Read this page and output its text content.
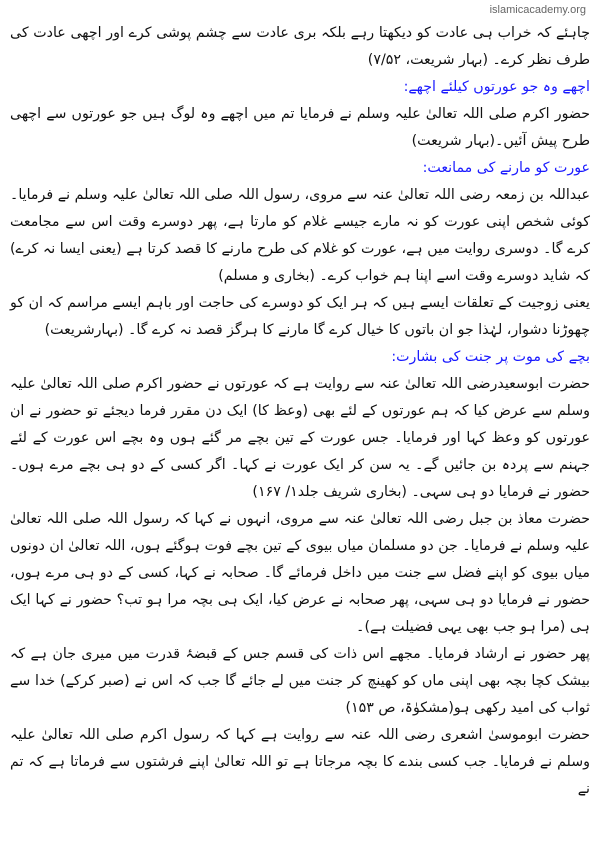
islamicacademy.org

چاہئے کہ خراب ہی عادت کو دیکھتا رہے بلکہ بری عادت سے چشم پوشی کرے اور اچھی عادت کی طرف نظر کرے۔ (بہار شریعت، ۷/۵۲)

اچھے وہ جو عورتوں کیلئے اچھے:

حضور اکرم صلی اللہ تعالیٰ علیہ وسلم نے فرمایا تم میں اچھے وہ لوگ ہیں جو عورتوں سے اچھی طرح پیش آئیں۔(بہار شریعت)

عورت کو مارنے کی ممانعت:

عبداللہ بن زمعہ رضی اللہ تعالیٰ عنہ سے مروی، رسول اللہ صلی اللہ تعالیٰ علیہ وسلم نے فرمایا۔ کوئی شخص اپنی عورت کو نہ مارے جیسے غلام کو مارتا ہے، پھر دوسرے وقت اس سے مجامعت کرے گا۔ دوسری روایت میں ہے، عورت کو غلام کی طرح مارنے کا قصد کرتا ہے (یعنی ایسا نہ کرے) کہ شاید دوسرے وقت اسے اپنا ہم خواب کرے۔ (بخاری و مسلم)

یعنی زوجیت کے تعلقات ایسے ہیں کہ ہر ایک کو دوسرے کی حاجت اور باہم ایسے مراسم کہ ان کو چھوڑنا دشوار، لہٰذا جو ان باتوں کا خیال کرے گا مارنے کا ہرگز قصد نہ کرے گا۔ (بہارشریعت)

بچے کی موت پر جنت کی بشارت:

حضرت ابوسعیدرضی اللہ تعالیٰ عنہ سے روایت ہے کہ عورتوں نے حضور اکرم صلی اللہ تعالیٰ علیہ وسلم سے عرض کیا کہ ہم عورتوں کے لئے بھی (وعظ کا) ایک دن مقرر فرما دیجئے تو حضور نے ان عورتوں کو وعظ کہا اور فرمایا۔ جس عورت کے تین بچے مر گئے ہوں وہ بچے اس عورت کے لئے جہنم سے پردہ بن جائیں گے۔ یہ سن کر ایک عورت نے کہا۔ اگر کسی کے دو ہی بچے مرے ہوں۔ حضور نے فرمایا دو ہی سہی۔ (بخاری شریف جلد۱/ ۱۶۷)

حضرت معاذ بن جبل رضی اللہ تعالیٰ عنہ سے مروی، انہوں نے کہا کہ رسول اللہ صلی اللہ تعالیٰ علیہ وسلم نے فرمایا۔ جن دو مسلمان میاں بیوی کے تین بچے فوت ہوگئے ہوں، اللہ تعالیٰ ان دونوں میاں بیوی کو اپنے فضل سے جنت میں داخل فرمائے گا۔ صحابہ نے کہا، کسی کے دو ہی مرے ہوں، حضور نے فرمایا دو ہی سہی، پھر صحابہ نے عرض کیا، ایک ہی بچہ مرا ہو تب؟ حضور نے کہا ایک ہی (مرا ہو جب بھی یہی فضیلت ہے)۔

پھر حضور نے ارشاد فرمایا۔ مجھے اس ذات کی قسم جس کے قبضۂ قدرت میں میری جان ہے کہ بیشک کچا بچہ بھی اپنی ماں کو کھینچ کر جنت میں لے جائے گا جب کہ اس نے (صبر کرکے) خدا سے ثواب کی امید رکھی ہو(مشکوٰۃ، ص ۱۵۳)

حضرت ابوموسیٰ اشعری رضی اللہ عنہ سے روایت ہے کہا کہ رسول اکرم صلی اللہ تعالیٰ علیہ وسلم نے فرمایا۔ جب کسی بندے کا بچہ مرجاتا ہے تو اللہ تعالیٰ اپنے فرشتوں سے فرماتا ہے کہ تم نے
